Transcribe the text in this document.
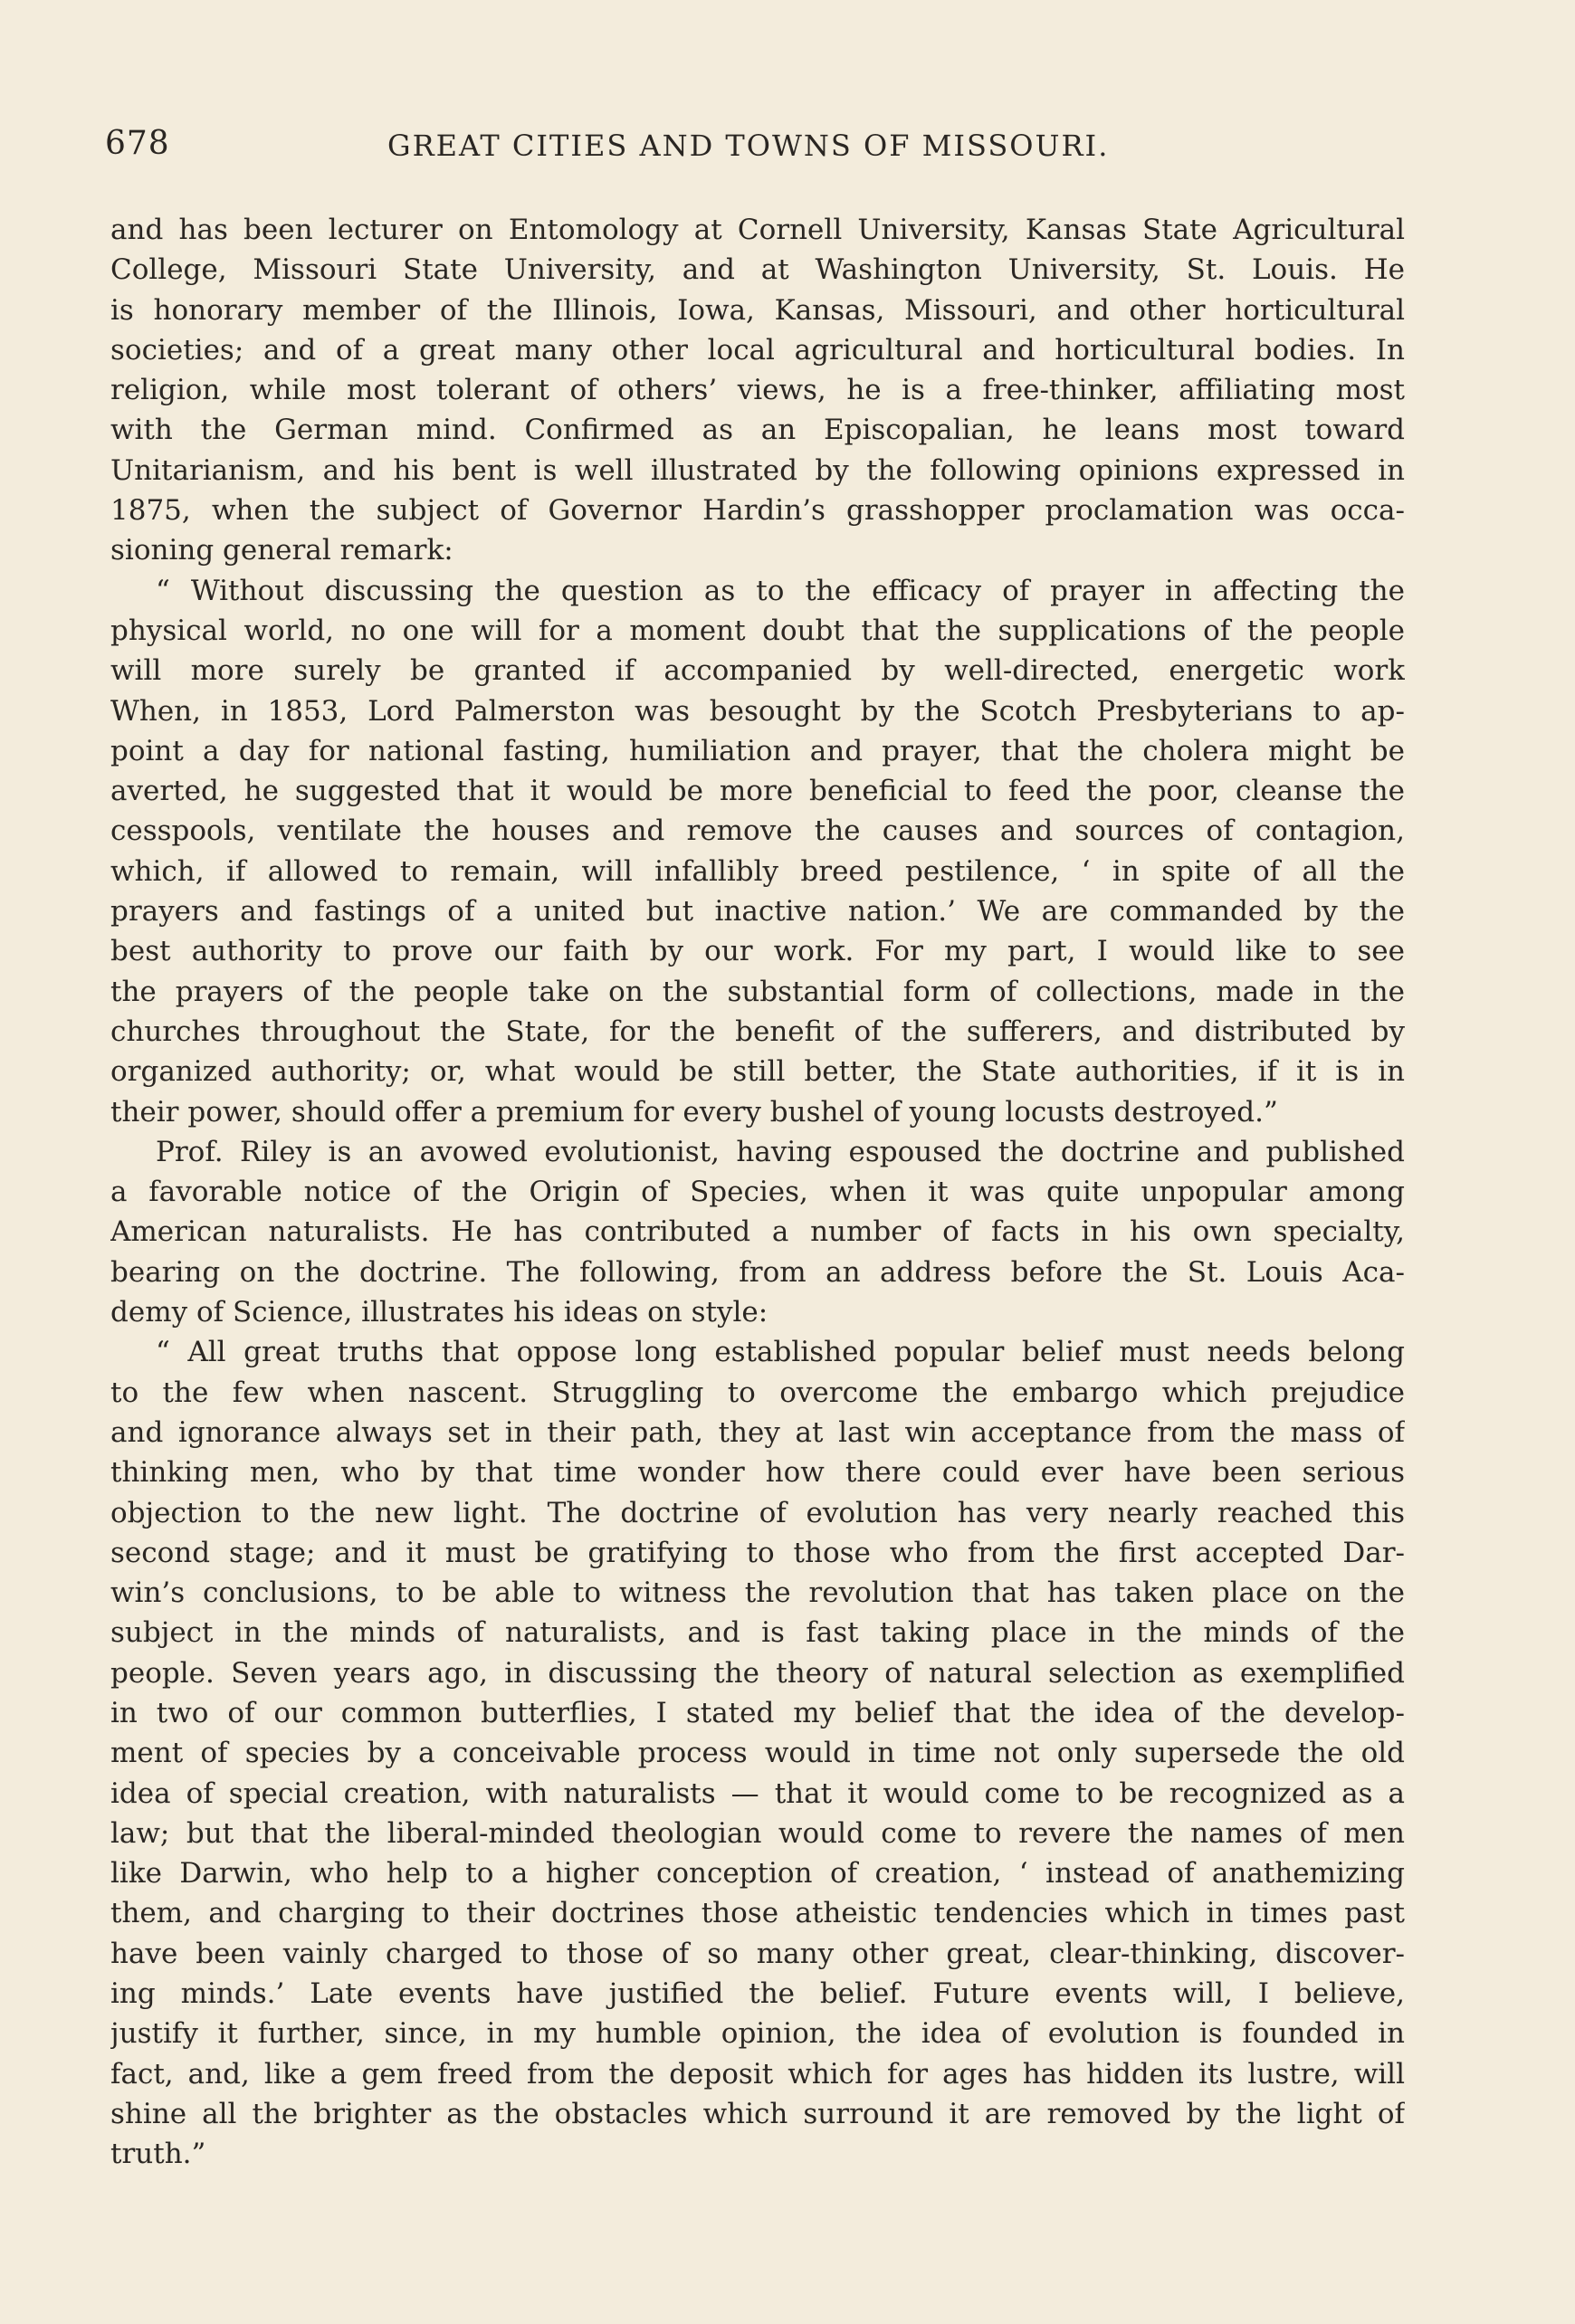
678	GREAT CITIES AND TOWNS OF MISSOURI.
and has been lecturer on Entomology at Cornell University, Kansas State Agricultural
College, Missouri State University, and at Washington University, St. Louis. He
is honorary member of the Illinois, Iowa, Kansas, Missouri, and other horticultural
societies; and of a great many other local agricultural and horticultural bodies. In
religion, while most tolerant of others’ views, he is a free-thinker, affiliating most
with the German mind. Confirmed as an Episcopalian, he leans most toward
Unitarianism, and his bent is well illustrated by the following opinions expressed in
1875, when the subject of Governor Hardin’s grasshopper proclamation was occa-
sioning general remark:
“ Without discussing the question as to the efficacy of prayer in affecting the
physical world, no one will for a moment doubt that the supplications of the people
will more surely be granted if accompanied by well-directed, energetic work
When, in 1853, Lord Palmerston was besought by the Scotch Presbyterians to ap-
point a day for national fasting, humiliation and prayer, that the cholera might be
averted, he suggested that it would be more beneficial to feed the poor, cleanse the
cesspools, ventilate the houses and remove the causes and sources of contagion,
which, if allowed to remain, will infallibly breed pestilence, ‘ in spite of all the
prayers and fastings of a united but inactive nation.’ We are commanded by the
best authority to prove our faith by our work. For my part, I would like to see
the prayers of the people take on the substantial form of collections, made in the
churches throughout the State, for the benefit of the sufferers, and distributed by
organized authority; or, what would be still better, the State authorities, if it is in
their power, should offer a premium for every bushel of young locusts destroyed.”
Prof. Riley is an avowed evolutionist, having espoused the doctrine and published
a favorable notice of the Origin of Species, when it was quite unpopular among
American naturalists. He has contributed a number of facts in his own specialty,
bearing on the doctrine. The following, from an address before the St. Louis Aca-
demy of Science, illustrates his ideas on style:
“ All great truths that oppose long established popular belief must needs belong
to the few when nascent. Struggling to overcome the embargo which prejudice
and ignorance always set in their path, they at last win acceptance from the mass of
thinking men, who by that time wonder how there could ever have been serious
objection to the new light. The doctrine of evolution has very nearly reached this
second stage; and it must be gratifying to those who from the first accepted Dar-
win’s conclusions, to be able to witness the revolution that has taken place on the
subject in the minds of naturalists, and is fast taking place in the minds of the
people. Seven years ago, in discussing the theory of natural selection as exemplified
in two of our common butterflies, I stated my belief that the idea of the develop-
ment of species by a conceivable process would in time not only supersede the old
idea of special creation, with naturalists — that it would come to be recognized as a
law; but that the liberal-minded theologian would come to revere the names of men
like Darwin, who help to a higher conception of creation, ‘ instead of anathemizing
them, and charging to their doctrines those atheistic tendencies which in times past
have been vainly charged to those of so many other great, clear-thinking, discover-
ing minds.’ Late events have justified the belief. Future events will, I believe,
justify it further, since, in my humble opinion, the idea of evolution is founded in
fact, and, like a gem freed from the deposit which for ages has hidden its lustre, will
shine all the brighter as the obstacles which surround it are removed by the light of
truth.”
